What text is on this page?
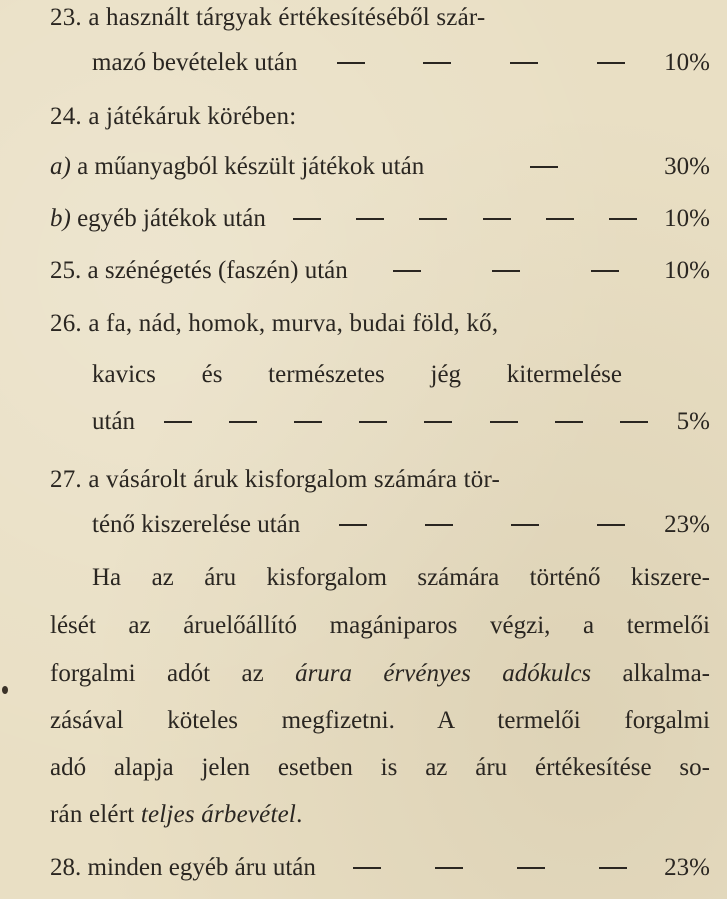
23. a használt tárgyak értékesítéséből szár-
mazó bevételek után	10%
24. a játékáruk körében:
a) a műanyagból készült játékok után	30%
b) egyéb játékok után	10%
25. a szénégetés (faszén) után	10%
26. a fa, nád, homok, murva, budai föld, kő,
kavics és természetes jég kitermelése
után	5%
27. a vásárolt áruk kisforgalom számára tör-
ténő kiszerelése után	23%
Ha az áru kisforgalom számára történő kiszere-
lését az áruelőállító magániparos végzi, a termelői
forgalmi adót az árura érvényes adókulcs alkalma-
zásával köteles megfizetni. A termelői forgalmi
adó alapja jelen esetben is az áru értékesítése so-
rán elért teljes árbevétel.
28. minden egyéb áru után	23%
